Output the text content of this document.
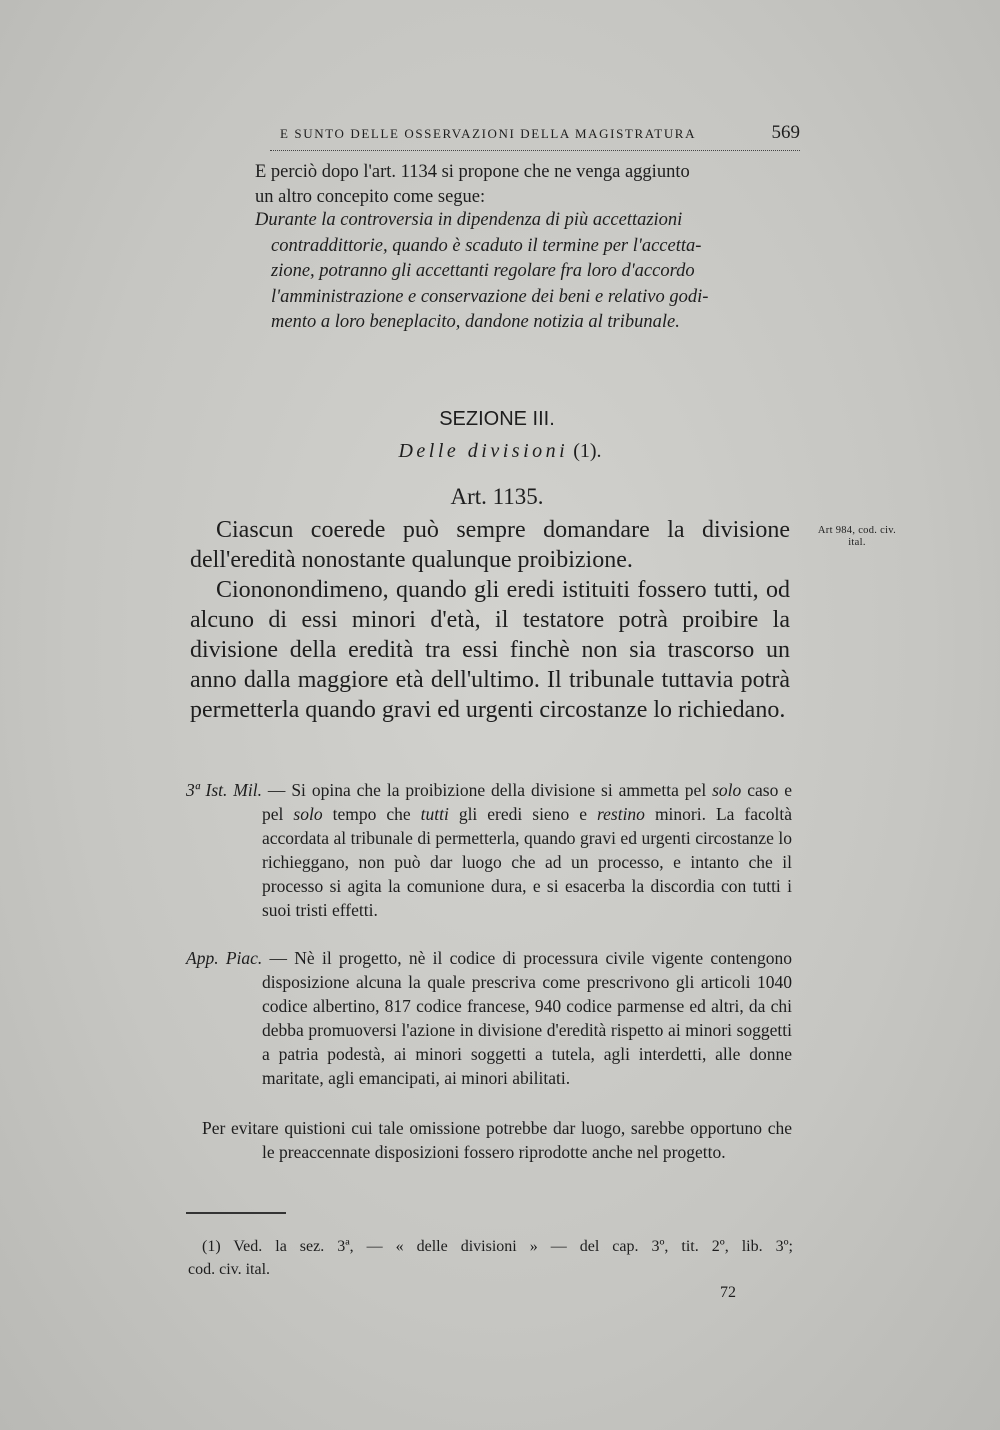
E SUNTO DELLE OSSERVAZIONI DELLA MAGISTRATURA	569

E perciò dopo l'art. 1134 si propone che ne venga aggiunto

un altro concepito come segue:

Durante la controversia in dipendenza di più accettazioni
contraddittorie, quando è scaduto il termine per l'accetta-
zione, potranno gli accettanti regolare fra loro d'accordo
l'amministrazione e conservazione dei beni e relativo godi-
mento a loro beneplacito, dandone notizia al tribunale.
SEZIONE III.
Delle divisioni (1).
Art. 1135.

Ciascun coerede può sempre domandare la divisione dell'eredità nonostante qualunque proibizione.

Ciononondimeno, quando gli eredi istituiti fossero tutti, od alcuno di essi minori d'età, il testatore potrà proibire la divisione della eredità tra essi finchè non sia trascorso un anno dalla maggiore età dell'ultimo. Il tribunale tuttavia potrà permetterla quando gravi ed urgenti circostanze lo richiedano.

Art 984, cod. civ.
ital.
3ª Ist. Mil. — Si opina che la proibizione della divisione si ammetta pel solo caso e pel solo tempo che tutti gli eredi sieno e restino minori. La facoltà accordata al tribunale di permetterla, quando gravi ed urgenti circostanze lo richieggano, non può dar luogo che ad un processo, e intanto che il processo si agita la comunione dura, e si esacerba la discordia con tutti i suoi tristi effetti.
App. Piac. — Nè il progetto, nè il codice di processura civile vigente contengono disposizione alcuna la quale prescriva come prescrivono gli articoli 1040 codice albertino, 817 codice francese, 940 codice parmense ed altri, da chi debba promuoversi l'azione in divisione d'eredità rispetto ai minori soggetti a patria podestà, ai minori soggetti a tutela, agli interdetti, alle donne maritate, agli emancipati, ai minori abilitati.
Per evitare quistioni cui tale omissione potrebbe dar luogo, sarebbe opportuno che le preaccennate disposizioni fossero riprodotte anche nel progetto.
(1) Ved. la sez. 3ª, — « delle divisioni » — del cap. 3º, tit. 2º, lib. 3º;
cod. civ. ital.
72
